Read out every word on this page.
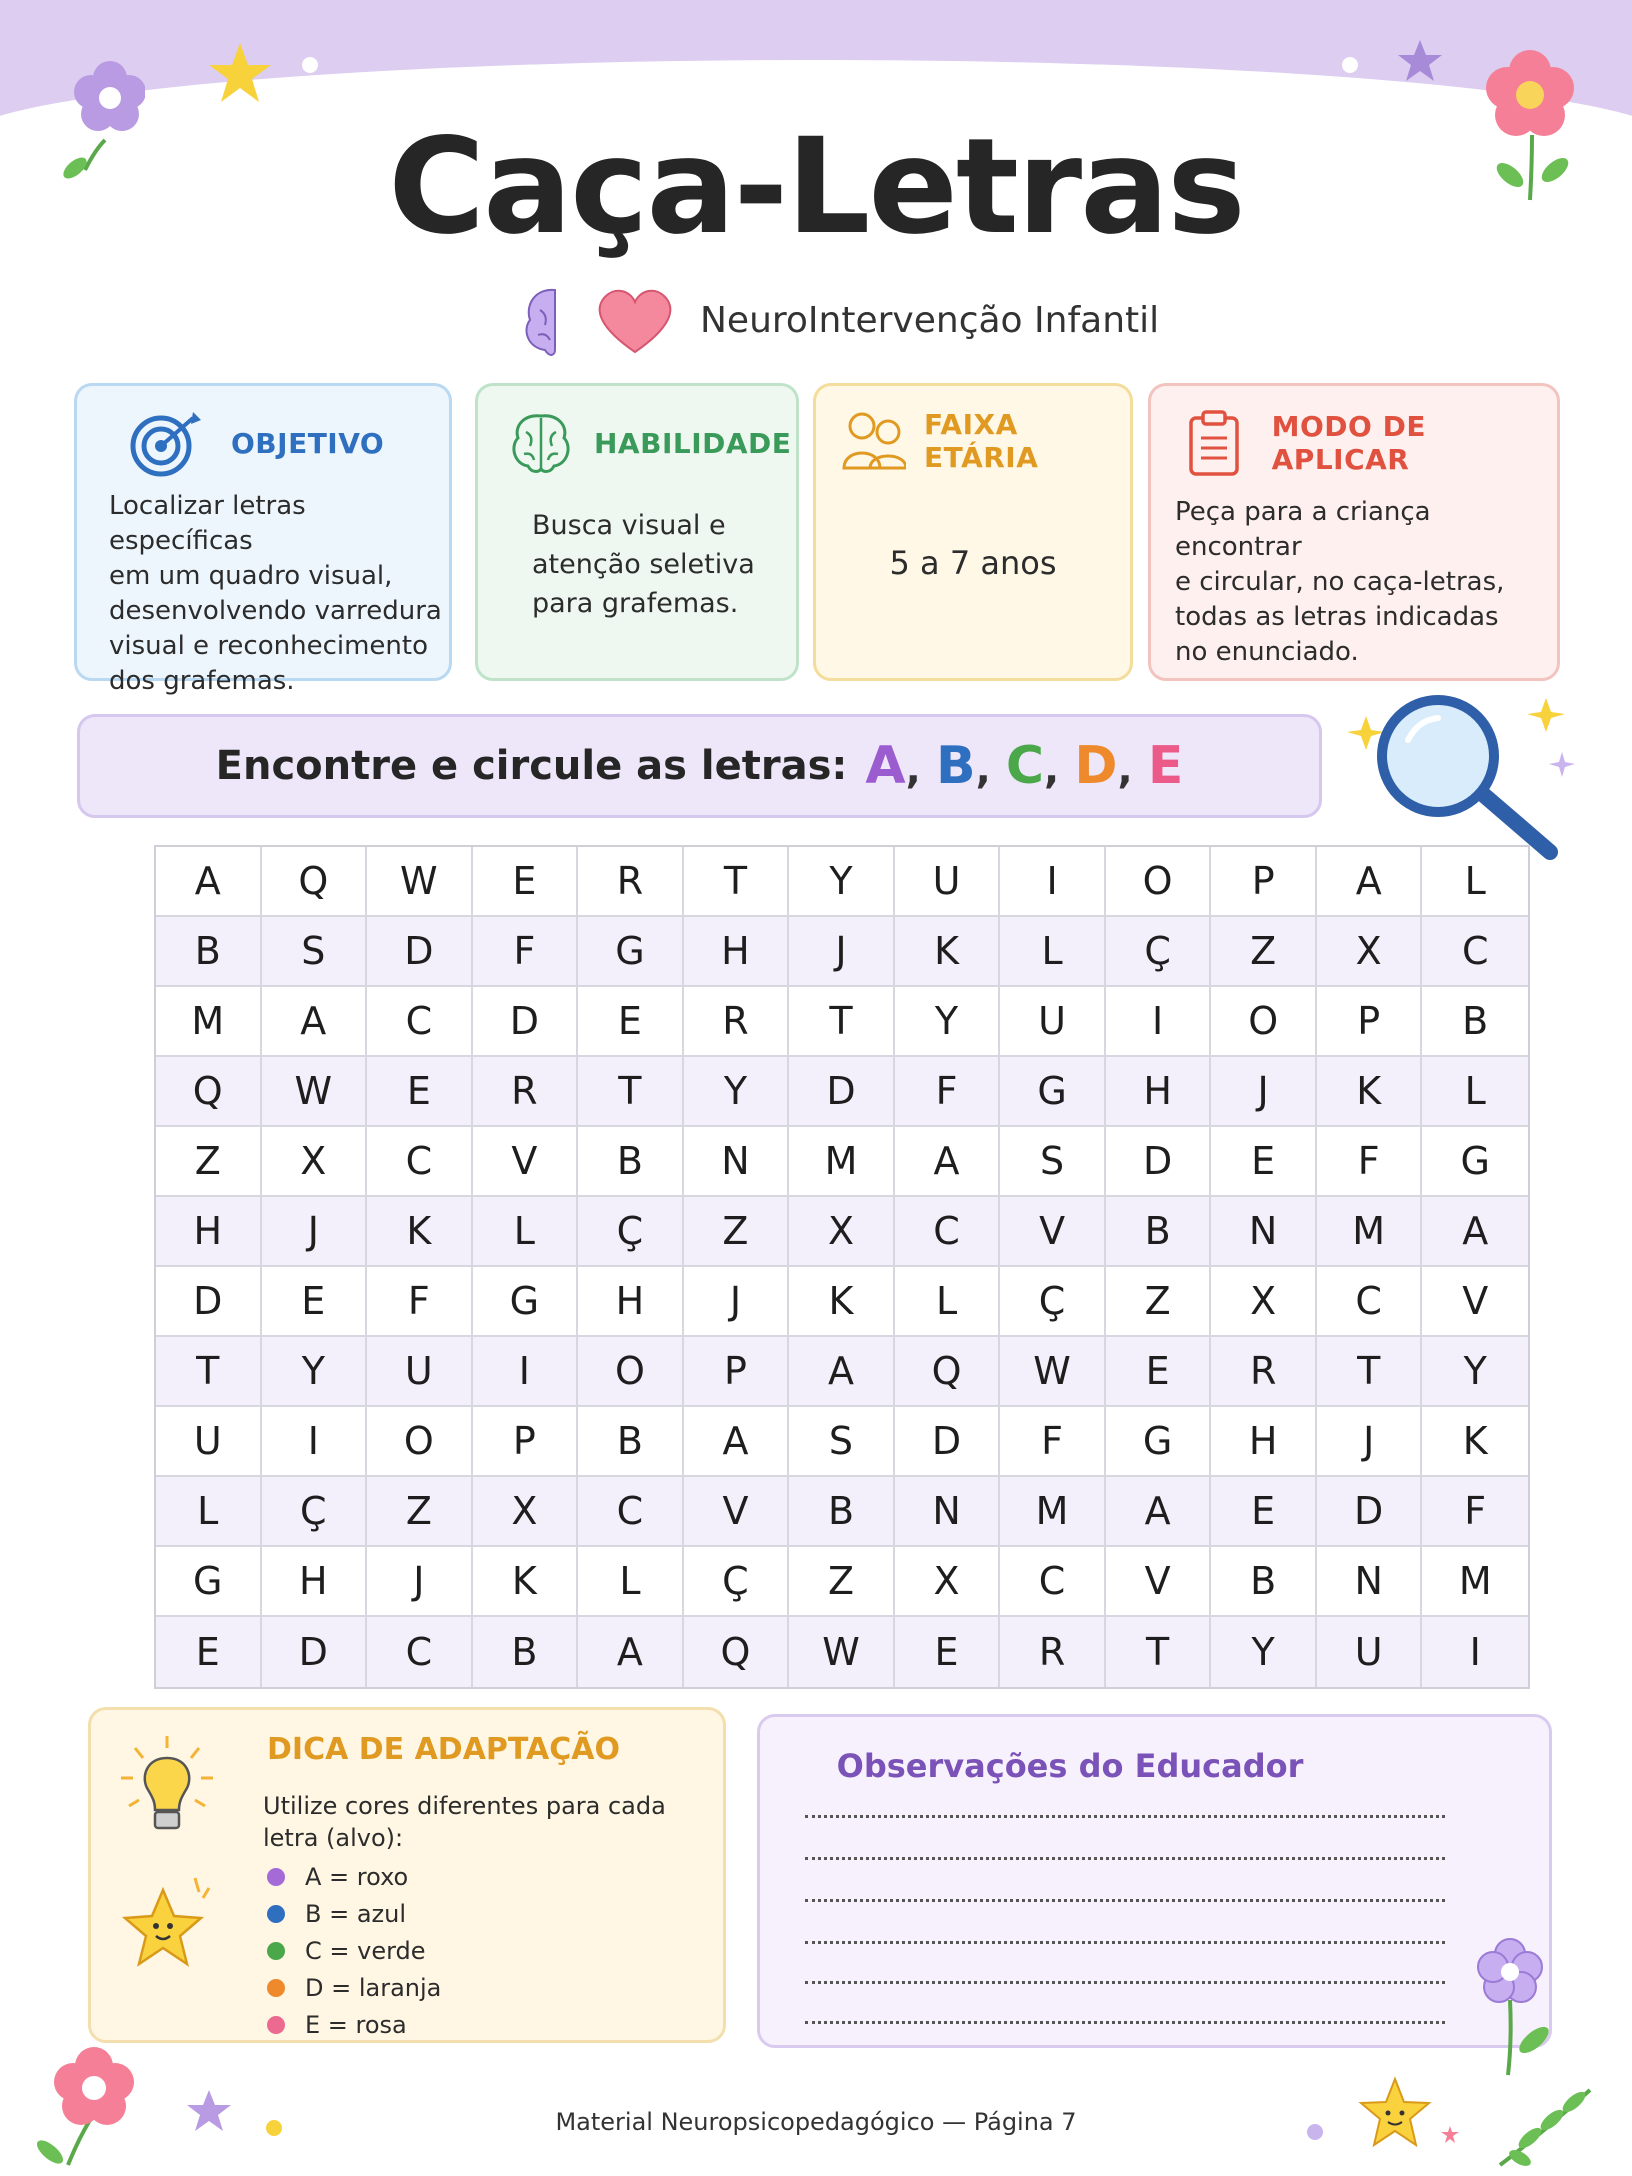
Caça-Letras
NeuroIntervenção Infantil
OBJETIVO
Localizar letras específicas
em um quadro visual,
desenvolvendo varredura
visual e reconhecimento
dos grafemas.
HABILIDADE
Busca visual e
atenção seletiva
para grafemas.
FAIXA ETÁRIA
5 a 7 anos
MODO DE APLICAR
Peça para a criança encontrar
e circular, no caça-letras,
todas as letras indicadas
no enunciado.
Encontre e circule as letras: A, B, C, D, E
A	Q	W	E	R	T	Y	U	I	O	P	A	L
B	S	D	F	G	H	J	K	L	Ç	Z	X	C
M	A	C	D	E	R	T	Y	U	I	O	P	B
Q	W	E	R	T	Y	D	F	G	H	J	K	L
Z	X	C	V	B	N	M	A	S	D	E	F	G
H	J	K	L	Ç	Z	X	C	V	B	N	M	A
D	E	F	G	H	J	K	L	Ç	Z	X	C	V
T	Y	U	I	O	P	A	Q	W	E	R	T	Y
U	I	O	P	B	A	S	D	F	G	H	J	K
L	Ç	Z	X	C	V	B	N	M	A	E	D	F
G	H	J	K	L	Ç	Z	X	C	V	B	N	M
E	D	C	B	A	Q	W	E	R	T	Y	U	I
DICA DE ADAPTAÇÃO
Utilize cores diferentes para cada letra (alvo):
A = roxo
B = azul
C = verde
D = laranja
E = rosa
Observações do Educador
Material Neuropsicopedagógico — Página 7
